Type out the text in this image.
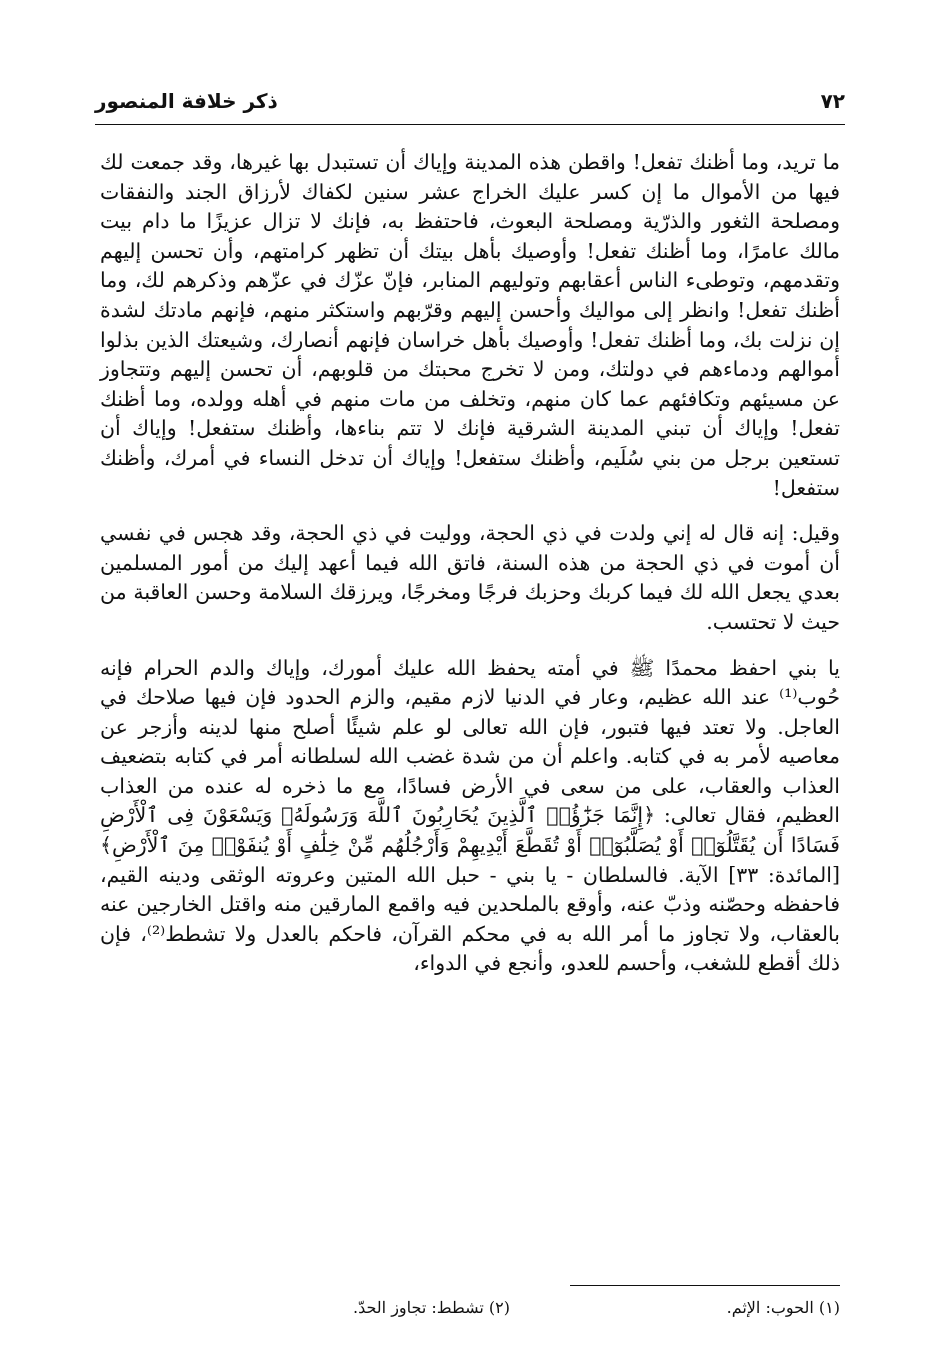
٧٢
ذكر خلافة المنصور

ما تريد، وما أظنك تفعل! واقطن هذه المدينة وإياك أن تستبدل بها غيرها، وقد جمعت لك فيها من الأموال ما إن كسر عليك الخراج عشر سنين لكفاك لأرزاق الجند والنفقات ومصلحة الثغور والذرّية ومصلحة البعوث، فاحتفظ به، فإنك لا تزال عزيزًا ما دام بيت مالك عامرًا، وما أظنك تفعل! وأوصيك بأهل بيتك أن تظهر كرامتهم، وأن تحسن إليهم وتقدمهم، وتوطىء الناس أعقابهم وتوليهم المنابر، فإنّ عزّك في عزّهم وذكرهم لك، وما أظنك تفعل! وانظر إلى مواليك وأحسن إليهم وقرّبهم واستكثر منهم، فإنهم مادتك لشدة إن نزلت بك، وما أظنك تفعل! وأوصيك بأهل خراسان فإنهم أنصارك، وشيعتك الذين بذلوا أموالهم ودماءهم في دولتك، ومن لا تخرج محبتك من قلوبهم، أن تحسن إليهم وتتجاوز عن مسيئهم وتكافئهم عما كان منهم، وتخلف من مات منهم في أهله وولده، وما أظنك تفعل! وإياك أن تبني المدينة الشرقية فإنك لا تتم بناءها، وأظنك ستفعل! وإياك أن تستعين برجل من بني سُلَيم، وأظنك ستفعل! وإياك أن تدخل النساء في أمرك، وأظنك ستفعل!

وقيل: إنه قال له إني ولدت في ذي الحجة، ووليت في ذي الحجة، وقد هجس في نفسي أن أموت في ذي الحجة من هذه السنة، فاتق الله فيما أعهد إليك من أمور المسلمين بعدي يجعل الله لك فيما كربك وحزبك فرجًا ومخرجًا، ويرزقك السلامة وحسن العاقبة من حيث لا تحتسب.

يا بني احفظ محمدًا ﷺ في أمته يحفظ الله عليك أمورك، وإياك والدم الحرام فإنه حُوب⁽¹⁾ عند الله عظيم، وعار في الدنيا لازم مقيم، والزم الحدود فإن فيها صلاحك في العاجل. ولا تعتد فيها فتبور، فإن الله تعالى لو علم شيئًا أصلح منها لدينه وأزجر عن معاصيه لأمر به في كتابه. واعلم أن من شدة غضب الله لسلطانه أمر في كتابه بتضعيف العذاب والعقاب، على من سعى في الأرض فسادًا، مع ما ذخره له عنده من العذاب العظيم، فقال تعالى: ﴿إِنَّمَا جَزَٰٓؤُا۟ ٱلَّذِينَ يُحَارِبُونَ ٱللَّهَ وَرَسُولَهُۥ وَيَسْعَوْنَ فِى ٱلْأَرْضِ فَسَادًا أَن يُقَتَّلُوٓا۟ أَوْ يُصَلَّبُوٓا۟ أَوْ تُقَطَّعَ أَيْدِيهِمْ وَأَرْجُلُهُم مِّنْ خِلَٰفٍ أَوْ يُنفَوْا۟ مِنَ ٱلْأَرْضِ﴾ [المائدة: ٣٣] الآية. فالسلطان - يا بني - حبل الله المتين وعروته الوثقى ودينه القيم، فاحفظه وحصّنه وذبّ عنه، وأوقع بالملحدين فيه واقمع المارقين منه واقتل الخارجين عنه بالعقاب، ولا تجاوز ما أمر الله به في محكم القرآن، فاحكم بالعدل ولا تشطط⁽²⁾، فإن ذلك أقطع للشغب، وأحسم للعدو، وأنجع في الدواء،

(١) الحوب: الإثم.
(٢) تشطط: تجاوز الحدّ.
